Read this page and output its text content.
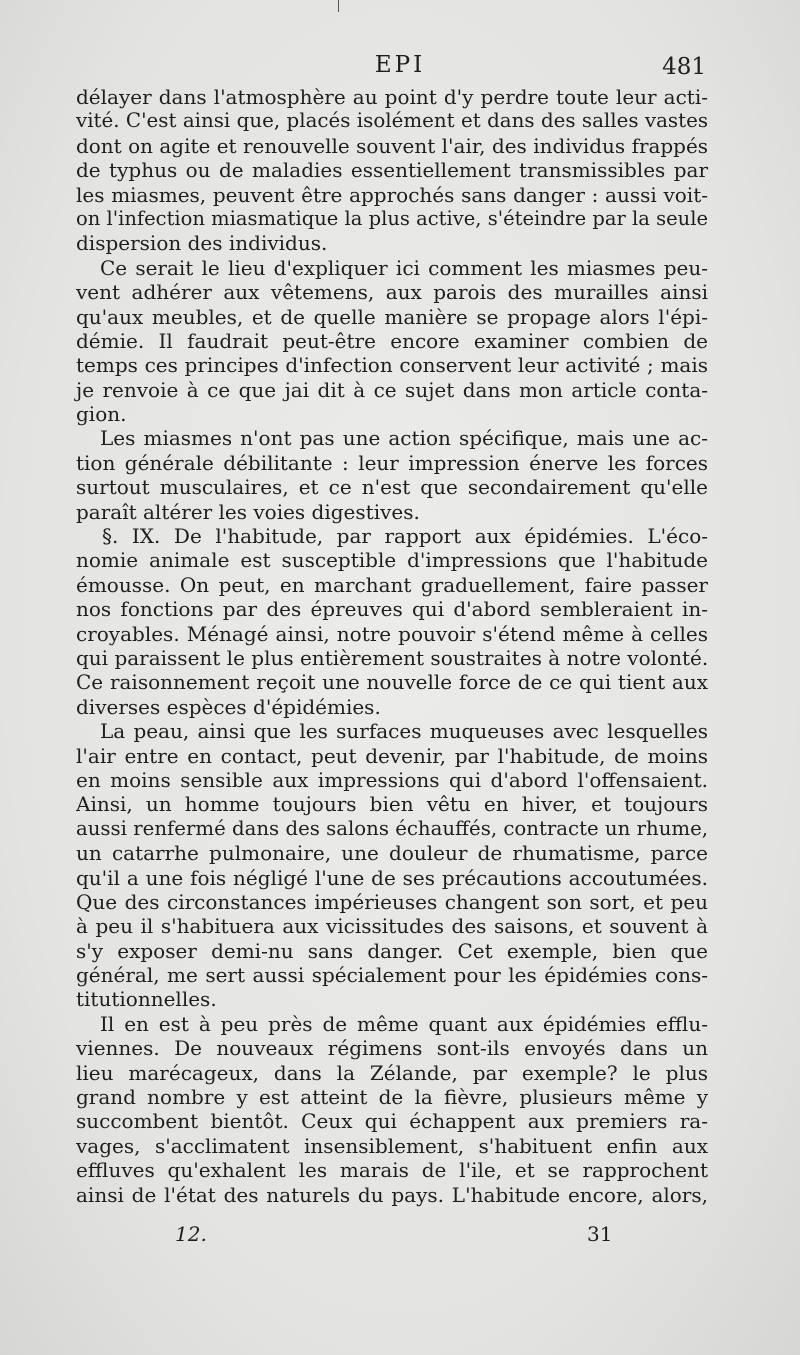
EPI	481
délayer dans l'atmosphère au point d'y perdre toute leur acti-
vité. C'est ainsi que, placés isolément et dans des salles vastes
dont on agite et renouvelle souvent l'air, des individus frappés
de typhus ou de maladies essentiellement transmissibles par
les miasmes, peuvent être approchés sans danger : aussi voit-
on l'infection miasmatique la plus active, s'éteindre par la seule
dispersion des individus.
Ce serait le lieu d'expliquer ici comment les miasmes peu-
vent adhérer aux vêtemens, aux parois des murailles ainsi
qu'aux meubles, et de quelle manière se propage alors l'épi-
démie. Il faudrait peut-être encore examiner combien de
temps ces principes d'infection conservent leur activité ; mais
je renvoie à ce que jai dit à ce sujet dans mon article conta-
gion.
Les miasmes n'ont pas une action spécifique, mais une ac-
tion générale débilitante : leur impression énerve les forces
surtout musculaires, et ce n'est que secondairement qu'elle
paraît altérer les voies digestives.
§. IX. De l'habitude, par rapport aux épidémies. L'éco-
nomie animale est susceptible d'impressions que l'habitude
émousse. On peut, en marchant graduellement, faire passer
nos fonctions par des épreuves qui d'abord sembleraient in-
croyables. Ménagé ainsi, notre pouvoir s'étend même à celles
qui paraissent le plus entièrement soustraites à notre volonté.
Ce raisonnement reçoit une nouvelle force de ce qui tient aux
diverses espèces d'épidémies.
La peau, ainsi que les surfaces muqueuses avec lesquelles
l'air entre en contact, peut devenir, par l'habitude, de moins
en moins sensible aux impressions qui d'abord l'offensaient.
Ainsi, un homme toujours bien vêtu en hiver, et toujours
aussi renfermé dans des salons échauffés, contracte un rhume,
un catarrhe pulmonaire, une douleur de rhumatisme, parce
qu'il a une fois négligé l'une de ses précautions accoutumées.
Que des circonstances impérieuses changent son sort, et peu
à peu il s'habituera aux vicissitudes des saisons, et souvent à
s'y exposer demi-nu sans danger. Cet exemple, bien que
général, me sert aussi spécialement pour les épidémies cons-
titutionnelles.
Il en est à peu près de même quant aux épidémies efflu-
viennes. De nouveaux régimens sont-ils envoyés dans un
lieu marécageux, dans la Zélande, par exemple? le plus
grand nombre y est atteint de la fièvre, plusieurs même y
succombent bientôt. Ceux qui échappent aux premiers ra-
vages, s'acclimatent insensiblement, s'habituent enfin aux
effluves qu'exhalent les marais de l'ile, et se rapprochent
ainsi de l'état des naturels du pays. L'habitude encore, alors,
12.	31
